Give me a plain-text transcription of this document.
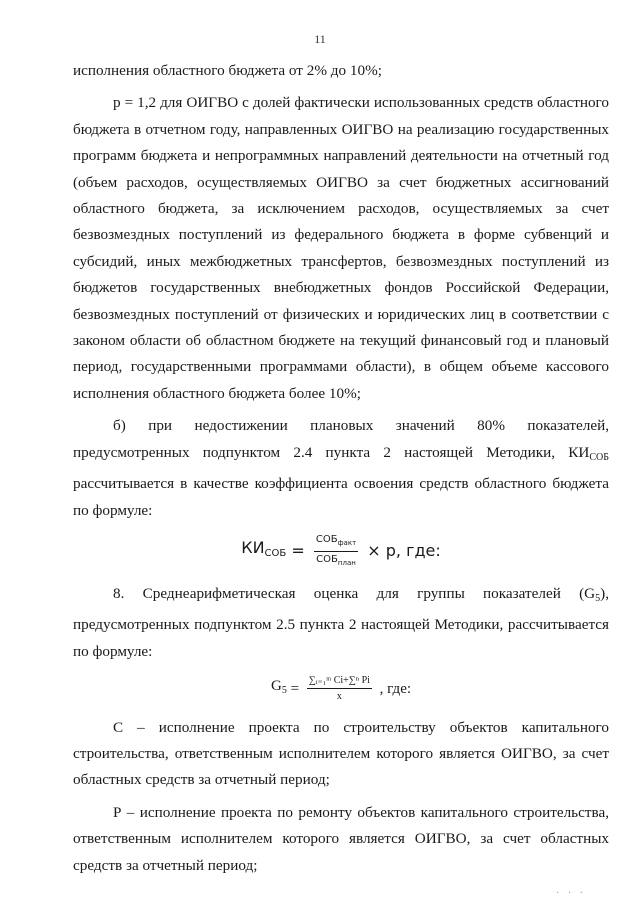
11

исполнения областного бюджета от 2% до 10%;

р = 1,2 для ОИГВО с долей фактически использованных средств областного бюджета в отчетном году, направленных ОИГВО на реализацию государственных программ бюджета и непрограммных направлений деятельности на отчетный год (объем расходов, осуществляемых ОИГВО за счет бюджетных ассигнований областного бюджета, за исключением расходов, осуществляемых за счет безвозмездных поступлений из федерального бюджета в форме субвенций и субсидий, иных межбюджетных трансфертов, безвозмездных поступлений из бюджетов государственных внебюджетных фондов Российской Федерации, безвозмездных поступлений от физических и юридических лиц в соответствии с законом области об областном бюджете на текущий финансовый год и плановый период, государственными программами области), в общем объеме кассового исполнения областного бюджета более 10%;

б) при недостижении плановых значений 80% показателей, предусмотренных подпунктом 2.4 пункта 2 настоящей Методики, $КИ_{СОБ}$ рассчитывается в качестве коэффициента освоения средств областного бюджета по формуле:

$КИ_{СОБ} = \frac{СОБ_{факт}}{СОБ_{план}} \times р$, где:

8. Среднеарифметическая оценка для группы показателей $(G_5)$, предусмотренных подпунктом 2.5 пункта 2 настоящей Методики, рассчитывается по формуле:

$G_5 = \frac{\text{∑ᵢ₌₁ᵐ Ci+∑ⁿ Pi}}{x}$ , где:

С – исполнение проекта по строительству объектов капитального строительства, ответственным исполнителем которого является ОИГВО, за счет областных средств за отчетный период;

Р – исполнение проекта по ремонту объектов капитального строительства, ответственным исполнителем которого является ОИГВО, за счет областных средств за отчетный период;

· · ·
